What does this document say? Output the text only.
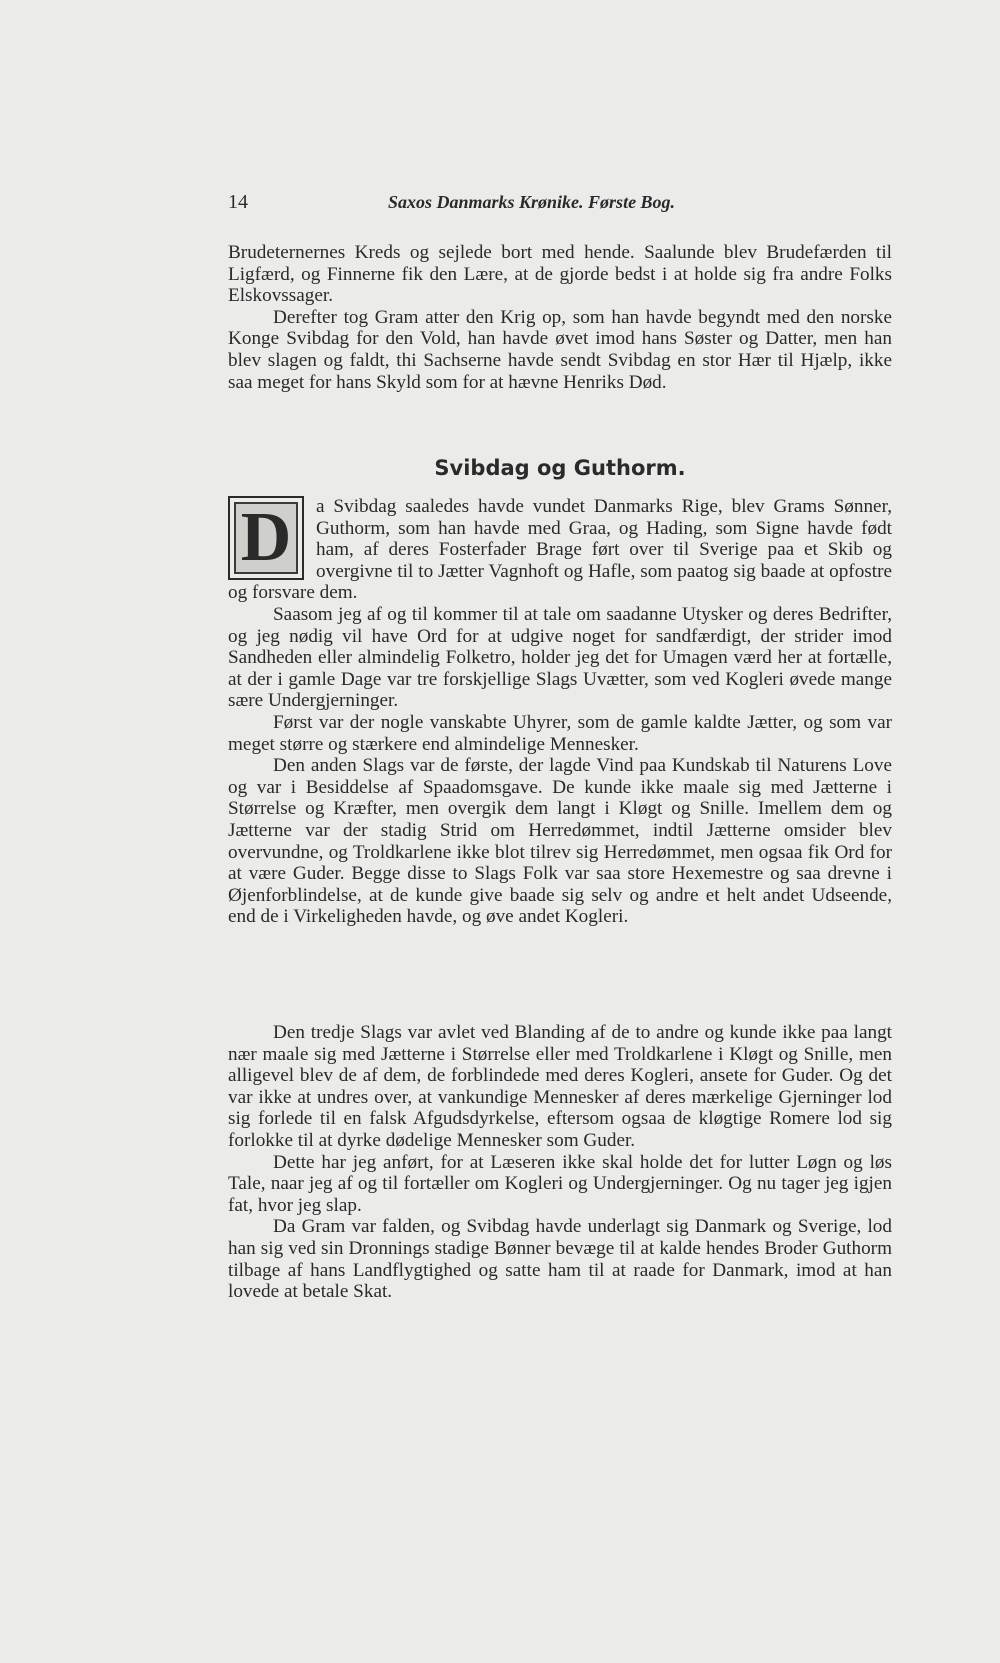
14	Saxos Danmarks Krønike. Første Bog.

Brudeternernes Kreds og sejlede bort med hende. Saalunde blev Brudefærden til Ligfærd, og Finnerne fik den Lære, at de gjorde bedst i at holde sig fra andre Folks Elskovssager.

Derefter tog Gram atter den Krig op, som han havde begyndt med den norske Konge Svibdag for den Vold, han havde øvet imod hans Søster og Datter, men han blev slagen og faldt, thi Sachserne havde sendt Svibdag en stor Hær til Hjælp, ikke saa meget for hans Skyld som for at hævne Henriks Død.

Svibdag og Guthorm.

D	a Svibdag saaledes havde vundet Danmarks Rige, blev Grams Sønner, Guthorm, som han havde med Graa, og Hading, som Signe havde født ham, af deres Fosterfader Brage ført over til Sverige paa et Skib og overgivne til to Jætter Vagnhoft og Hafle, som paatog sig baade at opfostre og forsvare dem.

Saasom jeg af og til kommer til at tale om saadanne Utysker og deres Bedrifter, og jeg nødig vil have Ord for at udgive noget for sandfærdigt, der strider imod Sandheden eller almindelig Folketro, holder jeg det for Umagen værd her at fortælle, at der i gamle Dage var tre forskjellige Slags Uvætter, som ved Kogleri øvede mange sære Undergjerninger.

Først var der nogle vanskabte Uhyrer, som de gamle kaldte Jætter, og som var meget større og stærkere end almindelige Mennesker.

Den anden Slags var de første, der lagde Vind paa Kundskab til Naturens Love og var i Besiddelse af Spaadomsgave. De kunde ikke maale sig med Jætterne i Størrelse og Kræfter, men overgik dem langt i Kløgt og Snille. Imellem dem og Jætterne var der stadig Strid om Herredømmet, indtil Jætterne omsider blev overvundne, og Troldkarlene ikke blot tilrev sig Herredømmet, men ogsaa fik Ord for at være Guder. Begge disse to Slags Folk var saa store Hexemestre og saa drevne i Øjenforblindelse, at de kunde give baade sig selv og andre et helt andet Udseende, end de i Virkeligheden havde, og øve andet Kogleri.

Den tredje Slags var avlet ved Blanding af de to andre og kunde ikke paa langt nær maale sig med Jætterne i Størrelse eller med Troldkarlene i Kløgt og Snille, men alligevel blev de af dem, de forblindede med deres Kogleri, ansete for Guder. Og det var ikke at undres over, at vankundige Mennesker af deres mærkelige Gjerninger lod sig forlede til en falsk Afgudsdyrkelse, eftersom ogsaa de kløgtige Romere lod sig forlokke til at dyrke dødelige Mennesker som Guder.

Dette har jeg anført, for at Læseren ikke skal holde det for lutter Løgn og løs Tale, naar jeg af og til fortæller om Kogleri og Undergjerninger. Og nu tager jeg igjen fat, hvor jeg slap.

Da Gram var falden, og Svibdag havde underlagt sig Danmark og Sverige, lod han sig ved sin Dronnings stadige Bønner bevæge til at kalde hendes Broder Guthorm tilbage af hans Landflygtighed og satte ham til at raade for Danmark, imod at han lovede at betale Skat.
